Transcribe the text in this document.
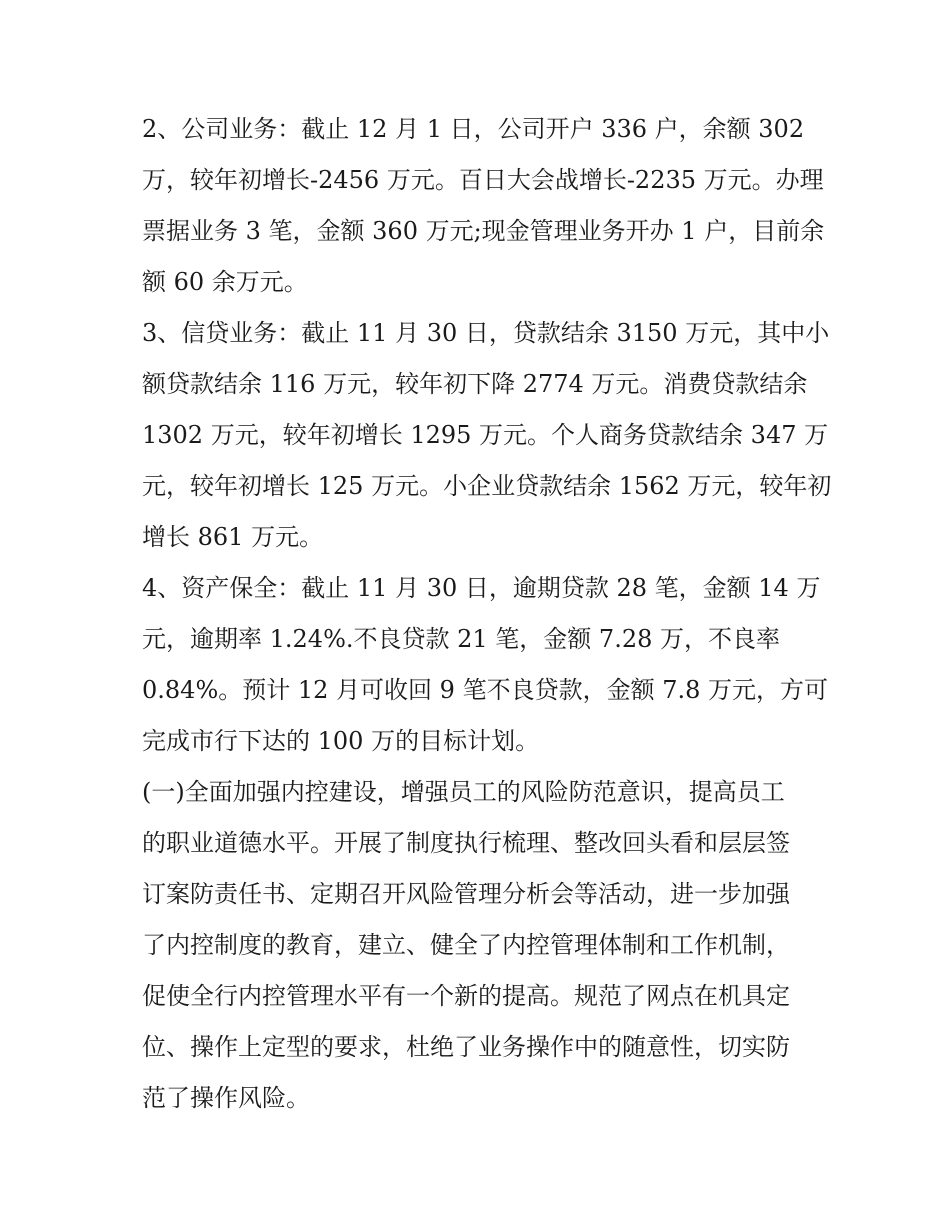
2、公司业务：截止 12 月 1 日，公司开户 336 户，余额 302
万，较年初增长-2456 万元。百日大会战增长-2235 万元。办理
票据业务 3 笔，金额 360 万元;现金管理业务开办 1 户，目前余
额 60 余万元。
3、信贷业务：截止 11 月 30 日，贷款结余 3150 万元，其中小
额贷款结余 116 万元，较年初下降 2774 万元。消费贷款结余
1302 万元，较年初增长 1295 万元。个人商务贷款结余 347 万
元，较年初增长 125 万元。小企业贷款结余 1562 万元，较年初
增长 861 万元。
4、资产保全：截止 11 月 30 日，逾期贷款 28 笔，金额 14 万
元，逾期率 1.24%.不良贷款 21 笔，金额 7.28 万，不良率
0.84%。预计 12 月可收回 9 笔不良贷款，金额 7.8 万元，方可
完成市行下达的 100 万的目标计划。
(一)全面加强内控建设，增强员工的风险防范意识，提高员工
的职业道德水平。开展了制度执行梳理、整改回头看和层层签
订案防责任书、定期召开风险管理分析会等活动，进一步加强
了内控制度的教育，建立、健全了内控管理体制和工作机制，
促使全行内控管理水平有一个新的提高。规范了网点在机具定
位、操作上定型的要求，杜绝了业务操作中的随意性，切实防
范了操作风险。
